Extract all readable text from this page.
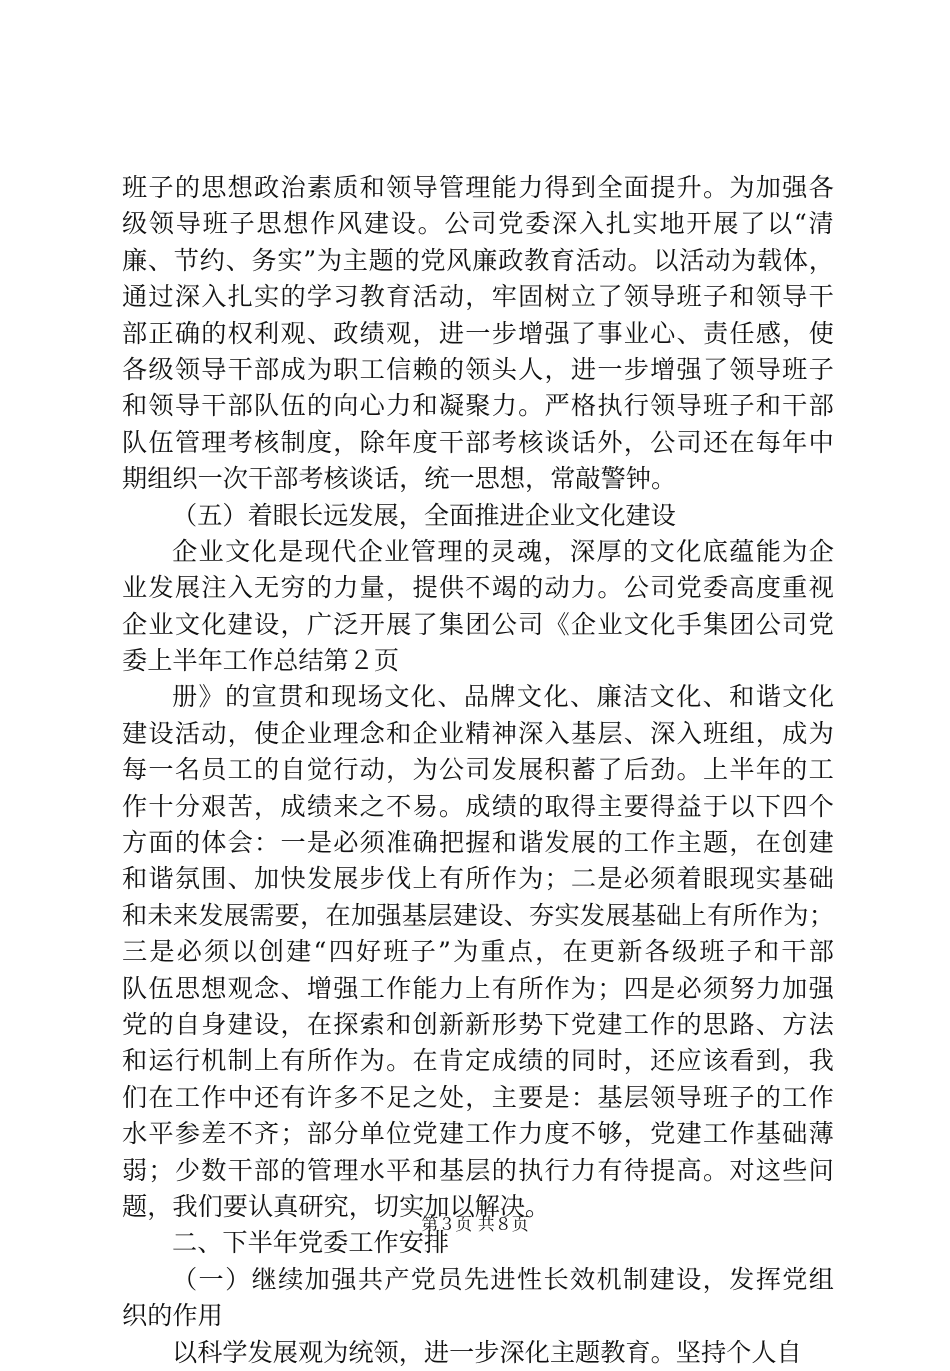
班 子 的 思 想 政 治 素 质 和 领 导 管 理 能 力 得 到 全 面 提 升 。 为 加 强 各
级 领 导 班 子 思 想 作 风 建 设 。 公 司 党 委 深 入 扎 实 地 开 展 了 以 “ 清
廉 、 节 约 、 务 实 ” 为 主 题 的 党 风 廉 政 教 育 活 动 。 以 活 动 为 载 体 ，
通 过 深 入 扎 实 的 学 习 教 育 活 动 ， 牢 固 树 立 了 领 导 班 子 和 领 导 干
部 正 确 的 权 利 观 、 政 绩 观 ， 进 一 步 增 强 了 事 业 心 、 责 任 感 ， 使
各 级 领 导 干 部 成 为 职 工 信 赖 的 领 头 人 ， 进 一 步 增 强 了 领 导 班 子
和 领 导 干 部 队 伍 的 向 心 力 和 凝 聚 力 。 严 格 执 行 领 导 班 子 和 干 部
队 伍 管 理 考 核 制 度 ， 除 年 度 干 部 考 核 谈 话 外 ， 公 司 还 在 每 年 中
期组织一次干部考核谈话，统一思想，常敲警钟。
（五）着眼长远发展，全面推进企业文化建设
企 业 文 化 是 现 代 企 业 管 理 的 灵 魂 ， 深 厚 的 文 化 底 蕴 能 为 企
业 发 展 注 入 无 穷 的 力 量 ， 提 供 不 竭 的 动 力 。 公 司 党 委 高 度 重 视
企 业 文 化 建 设 ， 广 泛 开 展 了 集 团 公 司 《 企 业 文 化 手 集 团 公 司 党
委上半年工作总结第２页
册 》 的 宣 贯 和 现 场 文 化 、 品 牌 文 化 、 廉 洁 文 化 、 和 谐 文 化
建 设 活 动 ， 使 企 业 理 念 和 企 业 精 神 深 入 基 层 、 深 入 班 组 ， 成 为
每 一 名 员 工 的 自 觉 行 动 ， 为 公 司 发 展 积 蓄 了 后 劲 。 上 半 年 的 工
作 十 分 艰 苦 ， 成 绩 来 之 不 易 。 成 绩 的 取 得 主 要 得 益 于 以 下 四 个
方 面 的 体 会 ： 一 是 必 须 准 确 把 握 和 谐 发 展 的 工 作 主 题 ， 在 创 建
和 谐 氛 围 、 加 快 发 展 步 伐 上 有 所 作 为 ； 二 是 必 须 着 眼 现 实 基 础
和 未 来 发 展 需 要 ， 在 加 强 基 层 建 设 、 夯 实 发 展 基 础 上 有 所 作 为 ；
三 是 必 须 以 创 建 “ 四 好 班 子 ” 为 重 点 ， 在 更 新 各 级 班 子 和 干 部
队 伍 思 想 观 念 、 增 强 工 作 能 力 上 有 所 作 为 ； 四 是 必 须 努 力 加 强
党 的 自 身 建 设 ， 在 探 索 和 创 新 新 形 势 下 党 建 工 作 的 思 路 、 方 法
和 运 行 机 制 上 有 所 作 为 。 在 肯 定 成 绩 的 同 时 ， 还 应 该 看 到 ， 我
们 在 工 作 中 还 有 许 多 不 足 之 处 ， 主 要 是 ： 基 层 领 导 班 子 的 工 作
水 平 参 差 不 齐 ； 部 分 单 位 党 建 工 作 力 度 不 够 ， 党 建 工 作 基 础 薄
弱 ； 少 数 干 部 的 管 理 水 平 和 基 层 的 执 行 力 有 待 提 高 。 对 这 些 问
题，我们要认真研究，切实加以解决。
二、下半年党委工作安排
（ 一 ） 继 续 加 强 共 产 党 员 先 进 性 长 效 机 制 建 设 ， 发 挥 党 组
织的作用
以科学发展观为统领，进一步深化主题教育。坚持个人自
第３页 共８页
